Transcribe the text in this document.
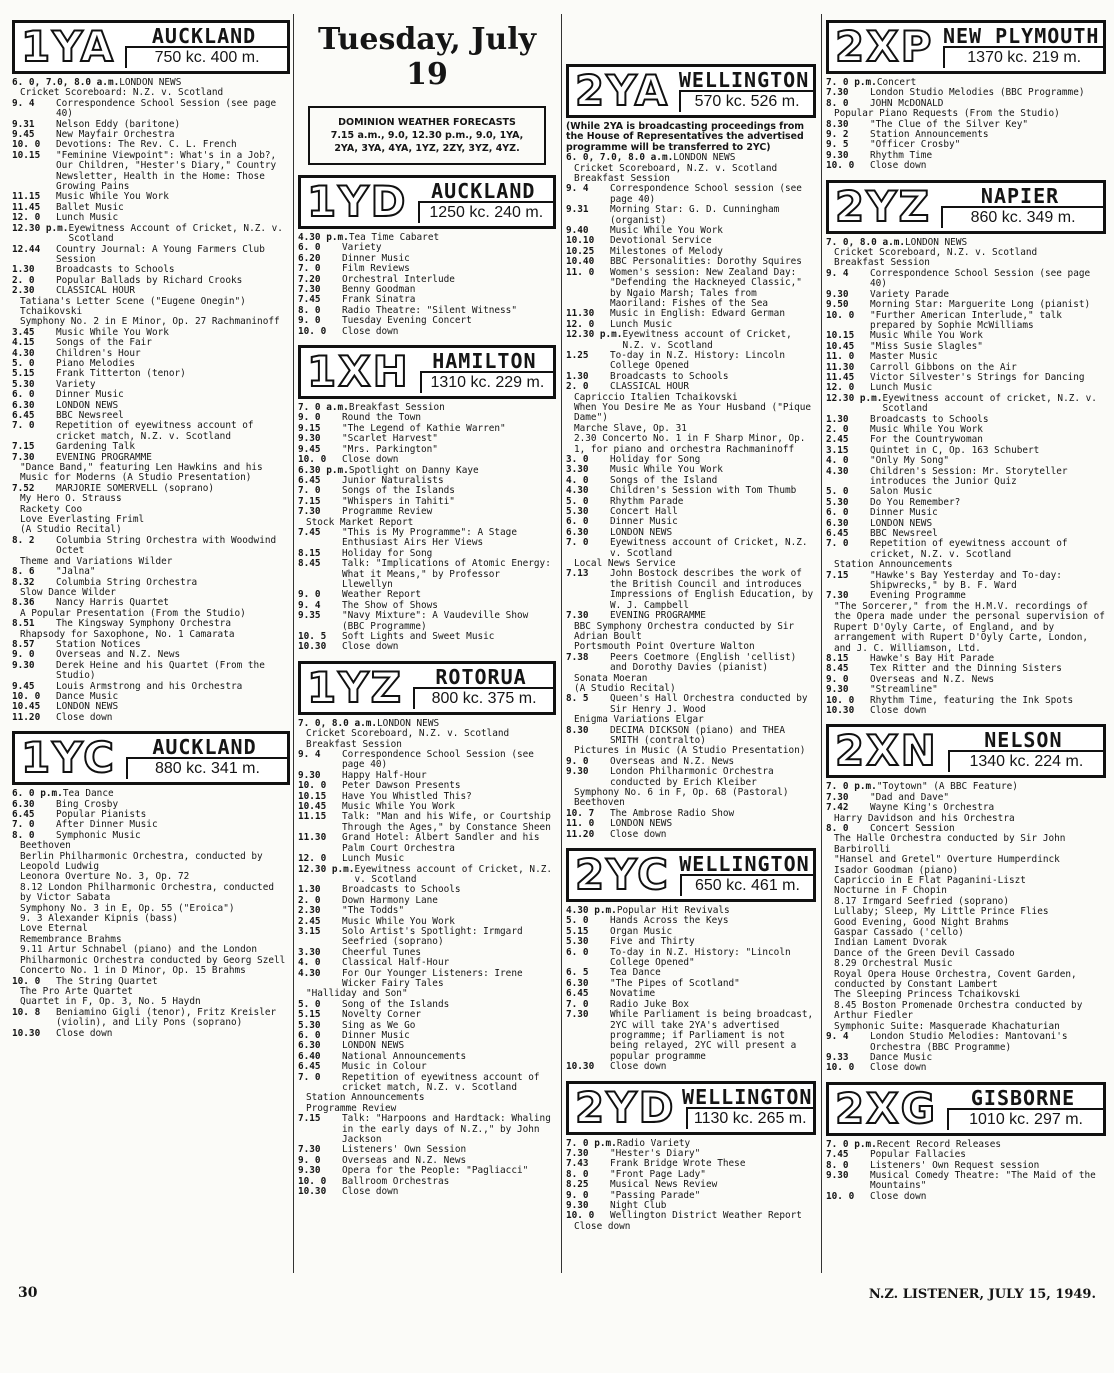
1YA	AUCKLAND
750 kc. 400 m.
6. 0, 7.0, 8.0 a.m. LONDON NEWS
Cricket Scoreboard: N.Z. v. Scotland
9. 4	Correspondence School Session (see page 40)
9.31	Nelson Eddy (baritone)
9.45	New Mayfair Orchestra
10. 0	Devotions: The Rev. C. L. French
10.15	"Feminine Viewpoint": What's in a Job?, Our Children, "Hester's Diary," Country Newsletter, Health in the Home: Those Growing Pains
11.15	Music While You Work
11.45	Ballet Music
12. 0	Lunch Music
12.30 p.m. Eyewitness Account of Cricket, N.Z. v. Scotland
12.44	Country Journal: A Young Farmers Club Session
1.30	Broadcasts to Schools
2. 0	Popular Ballads by Richard Crooks
2.30	CLASSICAL HOUR
Tatiana's Letter Scene ("Eugene Onegin") Tchaikovski
Symphony No. 2 in E Minor, Op. 27 Rachmaninoff
3.45	Music While You Work
4.15	Songs of the Fair
4.30	Children's Hour
5. 0	Piano Melodies
5.15	Frank Titterton (tenor)
5.30	Variety
6. 0	Dinner Music
6.30	LONDON NEWS
6.45	BBC Newsreel
7. 0	Repetition of eyewitness account of cricket match, N.Z. v. Scotland
7.15	Gardening Talk
7.30	EVENING PROGRAMME
"Dance Band," featuring Len Hawkins and his Music for Moderns (A Studio Presentation)
7.52	MARJORIE SOMERVELL (soprano)
My Hero O. Strauss
Rackety Coo
Love Everlasting Friml
(A Studio Recital)
8. 2	Columbia String Orchestra with Woodwind Octet
Theme and Variations Wilder
8. 6	"Jalna"
8.32	Columbia String Orchestra
Slow Dance Wilder
8.36	Nancy Harris Quartet
A Popular Presentation (From the Studio)
8.51	The Kingsway Symphony Orchestra
Rhapsody for Saxophone, No. 1 Camarata
8.57	Station Notices
9. 0	Overseas and N.Z. News
9.30	Derek Heine and his Quartet (From the Studio)
9.45	Louis Armstrong and his Orchestra
10. 0	Dance Music
10.45	LONDON NEWS
11.20	Close down
1YC	AUCKLAND
880 kc. 341 m.
6. 0 p.m. Tea Dance
6.30	Bing Crosby
6.45	Popular Pianists
7. 0	After Dinner Music
8. 0	Symphonic Music
Beethoven
Berlin Philharmonic Orchestra, conducted by Leopold Ludwig
Leonora Overture No. 3, Op. 72
8.12 London Philharmonic Orchestra, conducted by Victor Sabata
Symphony No. 3 in E, Op. 55 ("Eroica")
9. 3 Alexander Kipnis (bass)
Love Eternal
Remembrance Brahms
9.11 Artur Schnabel (piano) and the London Philharmonic Orchestra conducted by Georg Szell
Concerto No. 1 in D Minor, Op. 15 Brahms
10. 0	The String Quartet
The Pro Arte Quartet
Quartet in F, Op. 3, No. 5 Haydn
10. 8	Beniamino Gigli (tenor), Fritz Kreisler (violin), and Lily Pons (soprano)
10.30	Close down
Tuesday, July 19
DOMINION WEATHER FORECASTS
7.15 a.m., 9.0, 12.30 p.m., 9.0, 1YA,
2YA, 3YA, 4YA, 1YZ, 2ZY, 3YZ, 4YZ.
1YD	AUCKLAND
1250 kc. 240 m.
4.30 p.m. Tea Time Cabaret
6. 0	Variety
6.20	Dinner Music
7. 0	Film Reviews
7.20	Orchestral Interlude
7.30	Benny Goodman
7.45	Frank Sinatra
8. 0	Radio Theatre: "Silent Witness"
9. 0	Tuesday Evening Concert
10. 0	Close down
1XH	HAMILTON
1310 kc. 229 m.
7. 0 a.m. Breakfast Session
9. 0	Round the Town
9.15	"The Legend of Kathie Warren"
9.30	"Scarlet Harvest"
9.45	"Mrs. Parkington"
10. 0	Close down
6.30 p.m. Spotlight on Danny Kaye
6.45	Junior Naturalists
7. 0	Songs of the Islands
7.15	"Whispers in Tahiti"
7.30	Programme Review
Stock Market Report
7.45	"This is My Programme": A Stage Enthusiast Airs Her Views
8.15	Holiday for Song
8.45	Talk: "Implications of Atomic Energy: What it Means," by Professor Llewellyn
9. 0	Weather Report
9. 4	The Show of Shows
9.35	"Navy Mixture": A Vaudeville Show (BBC Programme)
10. 5	Soft Lights and Sweet Music
10.30	Close down
1YZ	ROTORUA
800 kc. 375 m.
7. 0, 8.0 a.m. LONDON NEWS
Cricket Scoreboard, N.Z. v. Scotland
Breakfast Session
9. 4	Correspondence School Session (see page 40)
9.30	Happy Half-Hour
10. 0	Peter Dawson Presents
10.15	Have You Whistled This?
10.45	Music While You Work
11.15	Talk: "Man and his Wife, or Courtship Through the Ages," by Constance Sheen
11.30	Grand Hotel: Albert Sandler and his Palm Court Orchestra
12. 0	Lunch Music
12.30 p.m. Eyewitness account of Cricket, N.Z. v. Scotland
1.30	Broadcasts to Schools
2. 0	Down Harmony Lane
2.30	"The Todds"
2.45	Music While You Work
3.15	Solo Artist's Spotlight: Irmgard Seefried (soprano)
3.30	Cheerful Tunes
4. 0	Classical Half-Hour
4.30	For Our Younger Listeners: Irene Wicker Fairy Tales
"Halliday and Son"
5. 0	Song of the Islands
5.15	Novelty Corner
5.30	Sing as We Go
6. 0	Dinner Music
6.30	LONDON NEWS
6.40	National Announcements
6.45	Music in Colour
7. 0	Repetition of eyewitness account of cricket match, N.Z. v. Scotland
Station Announcements
Programme Review
7.15	Talk: "Harpoons and Hardtack: Whaling in the early days of N.Z.," by John Jackson
7.30	Listeners' Own Session
9. 0	Overseas and N.Z. News
9.30	Opera for the People: "Pagliacci"
10. 0	Ballroom Orchestras
10.30	Close down
2YA WELLINGTON
570 kc. 526 m.
(While 2YA is broadcasting proceedings from the House of Representatives the advertised programme will be transferred to 2YC)
6. 0, 7.0, 8.0 a.m. LONDON NEWS
Cricket Scoreboard, N.Z. v. Scotland
Breakfast Session
9. 4	Correspondence School session (see page 40)
9.31	Morning Star: G. D. Cunningham (organist)
9.40	Music While You Work
10.10	Devotional Service
10.25	Milestones of Melody
10.40	BBC Personalities: Dorothy Squires
11. 0	Women's session: New Zealand Day: "Defending the Hackneyed Classic," by Ngaio Marsh; Tales from Maoriland: Fishes of the Sea
11.30	Music in English: Edward German
12. 0	Lunch Music
12.30 p.m. Eyewitness account of Cricket, N.Z. v. Scotland
1.25	To-day in N.Z. History: Lincoln College Opened
1.30	Broadcasts to Schools
2. 0	CLASSICAL HOUR
Capriccio Italien Tchaikovski
When You Desire Me as Your Husband ("Pique Dame")
Marche Slave, Op. 31
2.30 Concerto No. 1 in F Sharp Minor, Op. 1, for piano and orchestra Rachmaninoff
3. 0	Holiday for Song
3.30	Music While You Work
4. 0	Songs of the Island
4.30	Children's Session with Tom Thumb
5. 0	Rhythm Parade
5.30	Concert Hall
6. 0	Dinner Music
6.30	LONDON NEWS
7. 0	Eyewitness account of Cricket, N.Z. v. Scotland
Local News Service
7.13	John Bostock describes the work of the British Council and introduces Impressions of English Education, by W. J. Campbell
7.30	EVENING PROGRAMME
BBC Symphony Orchestra conducted by Sir Adrian Boult
Portsmouth Point Overture Walton
7.38	Peers Coetmore (English 'cellist) and Dorothy Davies (pianist)
Sonata Moeran
(A Studio Recital)
8. 5	Queen's Hall Orchestra conducted by Sir Henry J. Wood
Enigma Variations Elgar
8.30	DECIMA DICKSON (piano) and THEA SMITH (contralto)
Pictures in Music (A Studio Presentation)
9. 0	Overseas and N.Z. News
9.30	London Philharmonic Orchestra conducted by Erich Kleiber
Symphony No. 6 in F, Op. 68 (Pastoral) Beethoven
10. 7	The Ambrose Radio Show
11. 0	LONDON NEWS
11.20	Close down
2YC WELLINGTON
650 kc. 461 m.
4.30 p.m. Popular Hit Revivals
5. 0	Hands Across the Keys
5.15	Organ Music
5.30	Five and Thirty
6. 0	To-day in N.Z. History: "Lincoln College Opened"
6. 5	Tea Dance
6.30	"The Pipes of Scotland"
6.45	Novatime
7. 0	Radio Juke Box
7.30	While Parliament is being broadcast, 2YC will take 2YA's advertised programme; if Parliament is not being relayed, 2YC will present a popular programme
10.30	Close down
2YD WELLINGTON
1130 kc. 265 m.
7. 0 p.m. Radio Variety
7.30	"Hester's Diary"
7.43	Frank Bridge Wrote These
8. 0	"Front Page Lady"
8.25	Musical News Review
9. 0	"Passing Parade"
9.30	Night Club
10. 0	Wellington District Weather Report
Close down
2XP NEW PLYMOUTH
1370 kc. 219 m.
7. 0 p.m. Concert
7.30	London Studio Melodies (BBC Programme)
8. 0	JOHN McDONALD
Popular Piano Requests (From the Studio)
8.30	"The Clue of the Silver Key"
9. 2	Station Announcements
9. 5	"Officer Crosby"
9.30	Rhythm Time
10. 0	Close down
2YZ	NAPIER
860 kc. 349 m.
7. 0, 8.0 a.m. LONDON NEWS
Cricket Scoreboard, N.Z. v. Scotland
Breakfast Session
9. 4	Correspondence School Session (see page 40)
9.30	Variety Parade
9.50	Morning Star: Marguerite Long (pianist)
10. 0	"Further American Interlude," talk prepared by Sophie McWilliams
10.15	Music While You Work
10.45	"Miss Susie Slagles"
11. 0	Master Music
11.30	Carroll Gibbons on the Air
11.45	Victor Silvester's Strings for Dancing
12. 0	Lunch Music
12.30 p.m. Eyewitness account of cricket, N.Z. v. Scotland
1.30	Broadcasts to Schools
2. 0	Music While You Work
2.45	For the Countrywoman
3.15	Quintet in C, Op. 163 Schubert
4. 0	"Only My Song"
4.30	Children's Session: Mr. Storyteller introduces the Junior Quiz
5. 0	Salon Music
5.30	Do You Remember?
6. 0	Dinner Music
6.30	LONDON NEWS
6.45	BBC Newsreel
7. 0	Repetition of eyewitness account of cricket, N.Z. v. Scotland
Station Announcements
7.15	"Hawke's Bay Yesterday and To-day: Shipwrecks," by B. F. Ward
7.30	Evening Programme
"The Sorcerer," from the H.M.V. recordings of the Opera made under the personal supervision of Rupert D'Oyly Carte, of England, and by arrangement with Rupert D'Oyly Carte, London, and J. C. Williamson, Ltd.
8.15	Hawke's Bay Hit Parade
8.45	Tex Ritter and the Dinning Sisters
9. 0	Overseas and N.Z. News
9.30	"Streamline"
10. 0	Rhythm Time, featuring the Ink Spots
10.30	Close down
2XN	NELSON
1340 kc. 224 m.
7. 0 p.m. "Toytown" (A BBC Feature)
7.30	"Dad and Dave"
7.42	Wayne King's Orchestra
Harry Davidson and his Orchestra
8. 0	Concert Session
The Halle Orchestra conducted by Sir John Barbirolli
"Hansel and Gretel" Overture Humperdinck
Isador Goodman (piano)
Capriccio in E Flat Paganini-Liszt
Nocturne in F Chopin
8.17 Irmgard Seefried (soprano)
Lullaby; Sleep, My Little Prince Flies
Good Evening, Good Night Brahms
Gaspar Cassado ('cello)
Indian Lament Dvorak
Dance of the Green Devil Cassado
8.29 Orchestral Music
Royal Opera House Orchestra, Covent Garden, conducted by Constant Lambert
The Sleeping Princess Tchaikovski
8.45 Boston Promenade Orchestra conducted by Arthur Fiedler
Symphonic Suite: Masquerade Khachaturian
9. 4	London Studio Melodies: Mantovani's Orchestra (BBC Programme)
9.33	Dance Music
10. 0	Close down
2XG	GISBORNE
1010 kc. 297 m.
7. 0 p.m. Recent Record Releases
7.45	Popular Fallacies
8. 0	Listeners' Own Request session
9.30	Musical Comedy Theatre: "The Maid of the Mountains"
10. 0	Close down
30	N.Z. LISTENER, JULY 15, 1949.
